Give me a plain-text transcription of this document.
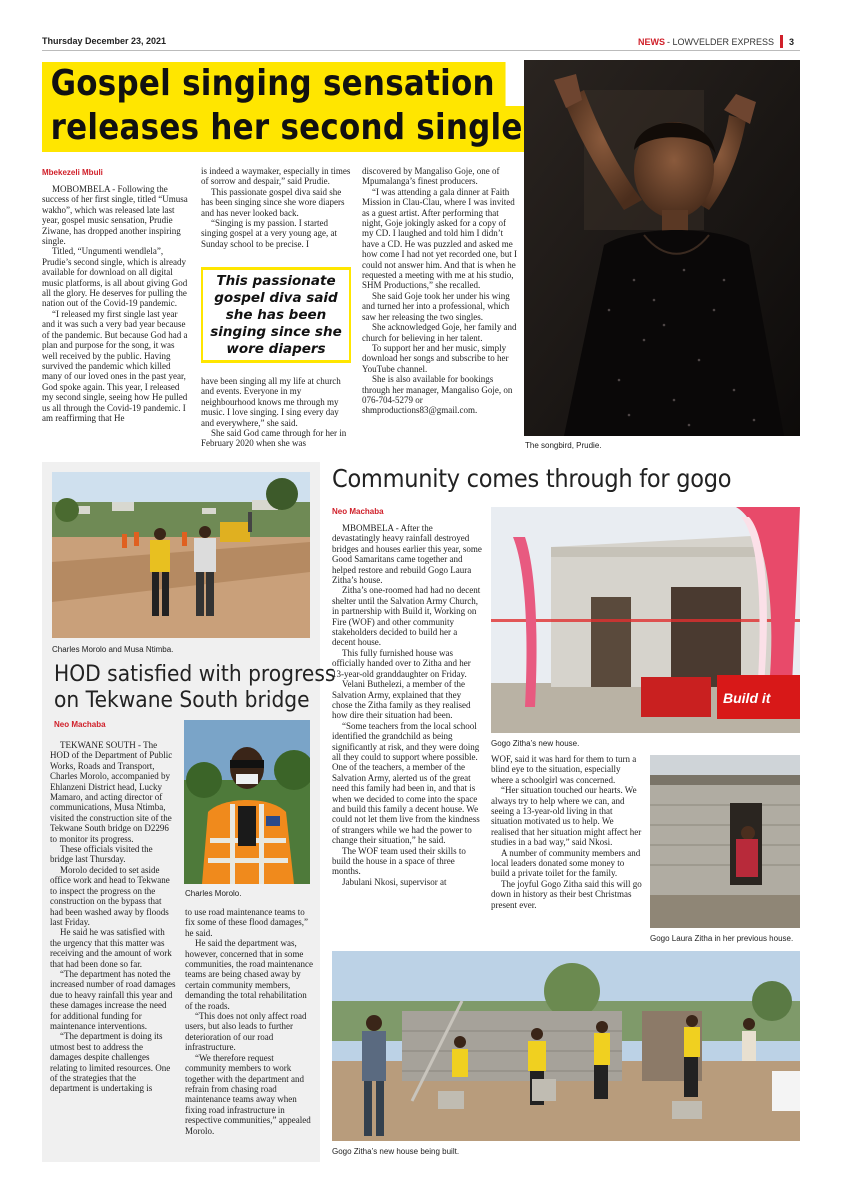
Thursday December 23, 2021	NEWS - LOWVELDER EXPRESS 3
Gospel singing sensation
releases her second single
The songbird, Prudie.
Mbekezeli Mbuli

MOBOMBELA - Following the success of her first single, titled “Umusa wakho”, which was released late last year, gospel music sensation, Prudie Ziwane, has dropped another inspiring single.

Titled, “Ungumenti wendlela”, Prudie’s second single, which is already available for download on all digital music platforms, is all about giving God all the glory. He deserves for pulling the nation out of the Covid-19 pandemic.

“I released my first single last year and it was such a very bad year because of the pandemic. But because God had a plan and purpose for the song, it was well received by the public. Having survived the pandemic which killed many of our loved ones in the past year, God spoke again. This year, I released my second single, seeing how He pulled us all through the Covid-19 pandemic. I am reaffirming that He

is indeed a waymaker, especially in times of sorrow and despair,” said Prudie.

This passionate gospel diva said she has been singing since she wore diapers and has never looked back.

“Singing is my passion. I started singing gospel at a very young age, at Sunday school to be precise. I

This passionate gospel diva said she has been singing since she wore diapers

have been singing all my life at church and events. Everyone in my neighbourhood knows me through my music. I love singing. I sing every day and everywhere,” she said.

She said God came through for her in February 2020 when she was

discovered by Mangaliso Goje, one of Mpumalanga’s finest producers.

“I was attending a gala dinner at Faith Mission in Clau-Clau, where I was invited as a guest artist. After performing that night, Goje jokingly asked for a copy of my CD. I laughed and told him I didn’t have a CD. He was puzzled and asked me how come I had not yet recorded one, but I could not answer him. And that is when he requested a meeting with me at his studio, SHM Productions,” she recalled.

She said Goje took her under his wing and turned her into a professional, which saw her releasing the two singles.

She acknowledged Goje, her family and church for believing in her talent.

To support her and her music, simply download her songs and subscribe to her YouTube channel.

She is also available for bookings through her manager, Mangaliso Goje, on 076-704-5279 or shmproductions83@gmail.com.

Charles Morolo and Musa Ntimba.
HOD satisfied with progress
on Tekwane South bridge
Neo Machaba

TEKWANE SOUTH - The HOD of the Department of Public Works, Roads and Transport, Charles Morolo, accompanied by Ehlanzeni District head, Lucky Mamaro, and acting director of communications, Musa Ntimba, visited the construction site of the Tekwane South bridge on D2296 to monitor its progress.

These officials visited the bridge last Thursday.

Morolo decided to set aside office work and head to Tekwane to inspect the progress on the construction on the bypass that had been washed away by floods last Friday.

He said he was satisfied with the urgency that this matter was receiving and the amount of work that had been done so far.

“The department has noted the increased number of road damages due to heavy rainfall this year and these damages increase the need for additional funding for maintenance interventions.

“The department is doing its utmost best to address the damages despite challenges relating to limited resources. One of the strategies that the department is undertaking is

Charles Morolo.

to use road maintenance teams to fix some of these flood damages,” he said.

He said the department was, however, concerned that in some communities, the road maintenance teams are being chased away by certain community members, demanding the total rehabilitation of the roads.

“This does not only affect road users, but also leads to further deterioration of our road infrastructure.

“We therefore request community members to work together with the department and refrain from chasing road maintenance teams away when fixing road infrastructure in respective communities,” appealed Morolo.

Community comes through for gogo
Neo Machaba

MBOMBELA - After the devastatingly heavy rainfall destroyed bridges and houses earlier this year, some Good Samaritans came together and helped restore and rebuild Gogo Laura Zitha’s house.

Zitha’s one-roomed had had no decent shelter until the Salvation Army Church, in partnership with Build it, Working on Fire (WOF) and other community stakeholders decided to build her a decent house.

This fully furnished house was officially handed over to Zitha and her 13-year-old granddaughter on Friday.

Velani Buthelezi, a member of the Salvation Army, explained that they chose the Zitha family as they realised how dire their situation had been.

“Some teachers from the local school identified the grandchild as being significantly at risk, and they were doing all they could to support where possible. One of the teachers, a member of the Salvation Army, alerted us of the great need this family had been in, and that is when we decided to come into the space and build this family a decent house. We could not let them live from the kindness of strangers while we had the power to change their situation,” he said.

The WOF team used their skills to build the house in a space of three months.

Jabulani Nkosi, supervisor at

Build it
Gogo Zitha’s new house.

WOF, said it was hard for them to turn a blind eye to the situation, especially where a schoolgirl was concerned.

“Her situation touched our hearts. We always try to help where we can, and seeing a 13-year-old living in that situation motivated us to help. We realised that her situation might affect her studies in a bad way,” said Nkosi.

A number of community members and local leaders donated some money to build a private toilet for the family.

The joyful Gogo Zitha said this will go down in history as their best Christmas present ever.

Gogo Laura Zitha in her previous house.
Gogo Zitha’s new house being built.
